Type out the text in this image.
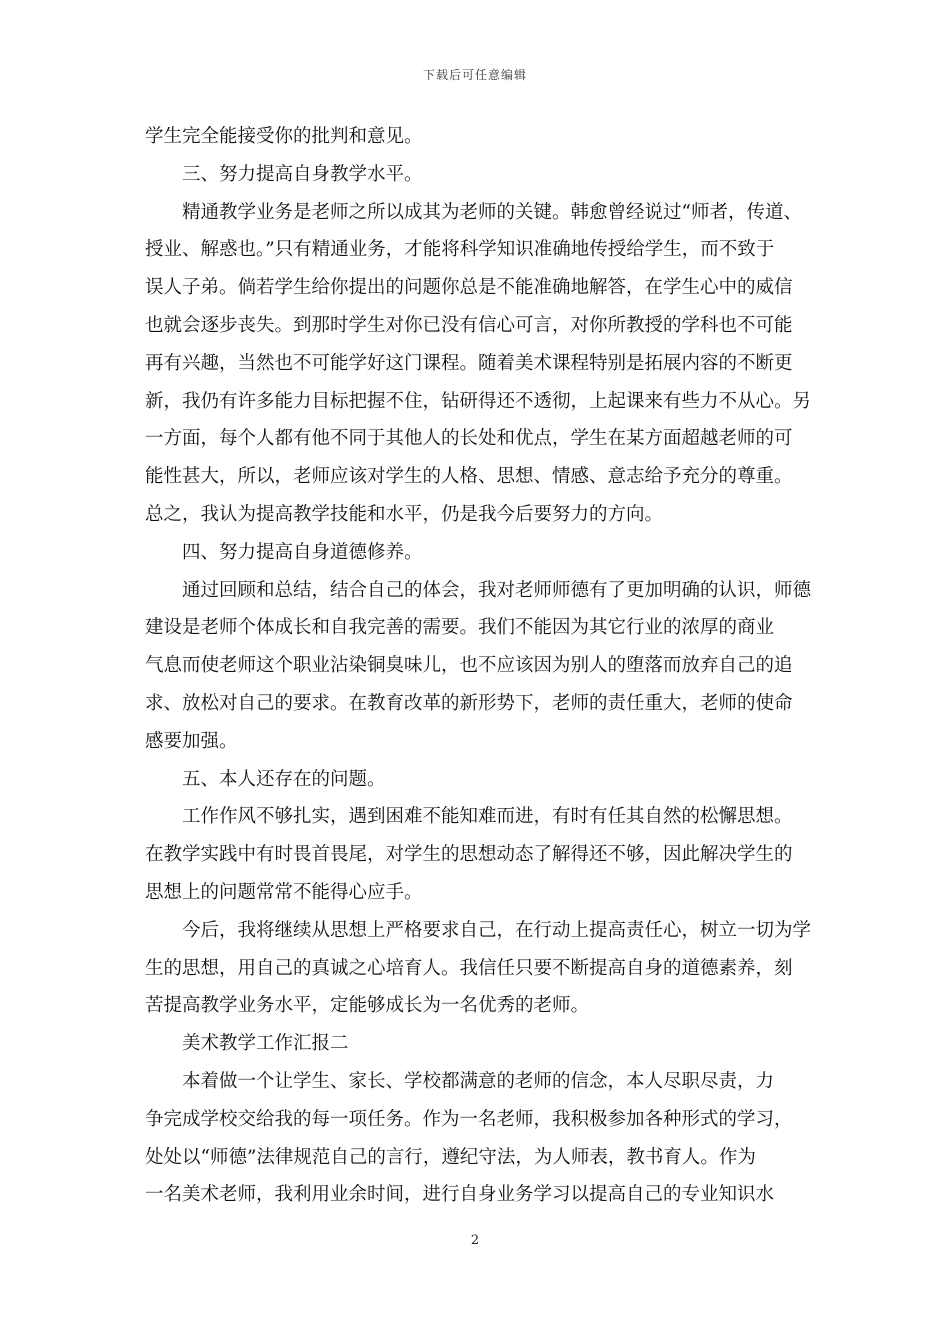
下载后可任意编辑
学生完全能接受你的批判和意见。
三、努力提高自身教学水平。
精通教学业务是老师之所以成其为老师的关键。韩愈曾经说过“师者，传道、
授业、解惑也。”只有精通业务，才能将科学知识准确地传授给学生，而不致于
误人子弟。倘若学生给你提出的问题你总是不能准确地解答，在学生心中的威信
也就会逐步丧失。到那时学生对你已没有信心可言，对你所教授的学科也不可能
再有兴趣，当然也不可能学好这门课程。随着美术课程特别是拓展内容的不断更
新，我仍有许多能力目标把握不住，钻研得还不透彻，上起课来有些力不从心。另
一方面，每个人都有他不同于其他人的长处和优点，学生在某方面超越老师的可
能性甚大，所以，老师应该对学生的人格、思想、情感、意志给予充分的尊重。
总之，我认为提高教学技能和水平，仍是我今后要努力的方向。
四、努力提高自身道德修养。
通过回顾和总结，结合自己的体会，我对老师师德有了更加明确的认识，师德
建设是老师个体成长和自我完善的需要。我们不能因为其它行业的浓厚的商业
气息而使老师这个职业沾染铜臭味儿，也不应该因为别人的堕落而放弃自己的追
求、放松对自己的要求。在教育改革的新形势下，老师的责任重大，老师的使命
感要加强。
五、本人还存在的问题。
工作作风不够扎实，遇到困难不能知难而进，有时有任其自然的松懈思想。
在教学实践中有时畏首畏尾，对学生的思想动态了解得还不够，因此解决学生的
思想上的问题常常不能得心应手。
今后，我将继续从思想上严格要求自己，在行动上提高责任心，树立一切为学
生的思想，用自己的真诚之心培育人。我信任只要不断提高自身的道德素养，刻
苦提高教学业务水平，定能够成长为一名优秀的老师。
美术教学工作汇报二
本着做一个让学生、家长、学校都满意的老师的信念，本人尽职尽责，力
争完成学校交给我的每一项任务。作为一名老师，我积极参加各种形式的学习，
处处以“师德”法律规范自己的言行，遵纪守法，为人师表，教书育人。作为
一名美术老师，我利用业余时间，进行自身业务学习以提高自己的专业知识水
2
